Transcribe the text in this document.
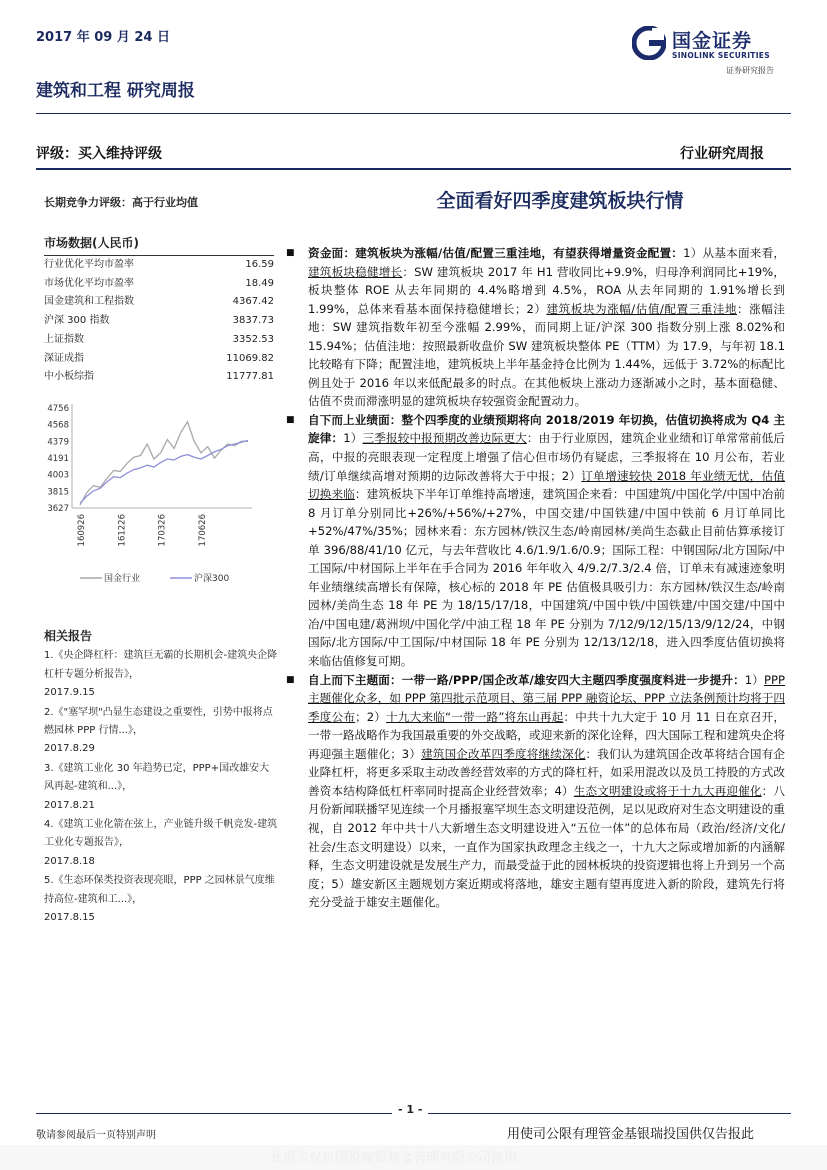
2017 年 09 月 24 日	国金证券
SINOLINK SECURITIES
证券研究报告
建筑和工程 研究周报
评级：买入维持评级	行业研究周报
长期竞争力评级：高于行业均值	全面看好四季度建筑板块行情
市场数据(人民币)
行业优化平均市盈率	16.59
市场优化平均市盈率	18.49
国金建筑和工程指数	4367.42
沪深 300 指数	3837.73
上证指数	3352.53
深证成指	11069.82
中小板综指	11777.81
4756
4568
4379
4191
4003
3815
3627
160926	161226	170326	170626
国金行业	沪深300
相关报告
1.《央企降杠杆：建筑巨无霸的长期机会-建筑央企降杠杆专题分析报告》，
2017.9.15
2.《"塞罕坝"凸显生态建设之重要性，引势中报将点燃园林 PPP 行情...》，
2017.8.29
3.《建筑工业化 30 年趋势已定，PPP+国改雄安大风再起-建筑和...》，
2017.8.21
4.《建筑工业化箭在弦上，产业链升级千帆竞发-建筑工业化专题报告》，
2017.8.18
5.《生态环保类投资表现亮眼，PPP 之园林景气度维持高位-建筑和工...》，
2017.8.15
■ 资金面：建筑板块为涨幅/估值/配置三重洼地，有望获得增量资金配置：1）从基本面来看，建筑板块稳健增长：SW 建筑板块 2017 年 H1 营收同比+9.9%，归母净利润同比+19%，板块整体 ROE 从去年同期的 4.4%略增到 4.5%，ROA 从去年同期的 1.91%增长到 1.99%，总体来看基本面保持稳健增长；2）建筑板块为涨幅/估值/配置三重洼地：涨幅洼地：SW 建筑指数年初至今涨幅 2.99%，而同期上证/沪深 300 指数分别上涨 8.02%和 15.94%；估值洼地：按照最新收盘价 SW 建筑板块整体 PE（TTM）为 17.9，与年初 18.1 比较略有下降；配置洼地，建筑板块上半年基金持仓比例为 1.44%，远低于 3.72%的标配比例且处于 2016 年以来低配最多的时点。在其他板块上涨动力逐渐减小之时，基本面稳健、估值不贵而滞涨明显的建筑板块存较强资金配置动力。
■ 自下而上业绩面：整个四季度的业绩预期将向 2018/2019 年切换，估值切换将成为 Q4 主旋律：1）三季报较中报预期改善边际更大：由于行业原因，建筑企业业绩和订单常常前低后高，中报的亮眼表现一定程度上增强了信心但市场仍有疑虑，三季报将在 10 月公布，若业绩/订单继续高增对预期的边际改善将大于中报；2）订单增速较快 2018 年业绩无忧，估值切换来临：建筑板块下半年订单维持高增速，建筑国企来看：中国建筑/中国化学/中国中冶前 8 月订单分别同比+26%/+56%/+27%，中国交建/中国铁建/中国中铁前 6 月订单同比+52%/47%/35%；园林来看：东方园林/铁汉生态/岭南园林/美尚生态截止目前估算承接订单 396/88/41/10 亿元，与去年营收比 4.6/1.9/1.6/0.9；国际工程：中钢国际/北方国际/中工国际/中材国际上半年在手合同为 2016 年年收入 4/9.2/7.3/2.4 倍，订单未有减速迹象明年业绩继续高增长有保障，核心标的 2018 年 PE 估值极具吸引力：东方园林/铁汉生态/岭南园林/美尚生态 18 年 PE 为 18/15/17/18，中国建筑/中国中铁/中国铁建/中国交建/中国中冶/中国电建/葛洲坝/中国化学/中油工程 18 年 PE 分别为 7/12/9/12/15/13/9/12/24，中钢国际/北方国际/中工国际/中材国际 18 年 PE 分别为 12/13/12/18，进入四季度估值切换将来临估值修复可期。
■ 自上而下主题面：一带一路/PPP/国企改革/雄安四大主题四季度强度料进一步提升：1）PPP 主题催化众多，如 PPP 第四批示范项目、第三届 PPP 融资论坛、PPP 立法条例预计均将于四季度公布；2）十九大来临“一带一路”将东山再起：中共十九大定于 10 月 11 日在京召开，一带一路战略作为我国最重要的外交战略，或迎来新的深化诠释，四大国际工程和建筑央企将再迎强主题催化；3）建筑国企改革四季度将继续深化：我们认为建筑国企改革将结合国有企业降杠杆，将更多采取主动改善经营效率的方式的降杠杆，如采用混改以及员工持股的方式改善资本结构降低杠杆率同时提高企业经营效率；4）生态文明建设或将于十九大再迎催化：八月份新闻联播罕见连续一个月播报塞罕坝生态文明建设范例，足以见政府对生态文明建设的重视，自 2012 年中共十八大新增生态文明建设进入“五位一体”的总体布局（政治/经济/文化/社会/生态文明建设）以来，一直作为国家执政理念主线之一，十九大之际或增加新的内涵解释，生态文明建设就是发展生产力，而最受益于此的园林板块的投资逻辑也将上升到另一个高度；5）雄安新区主题规划方案近期或将落地，雄安主题有望再度进入新的阶段，建筑先行将充分受益于雄安主题催化。
- 1 -
敬请参阅最后一页特别声明	用使司公限有理管金基银瑞投国供仅告报此
此报告仅供国投瑞银基金管理有限公司使用
